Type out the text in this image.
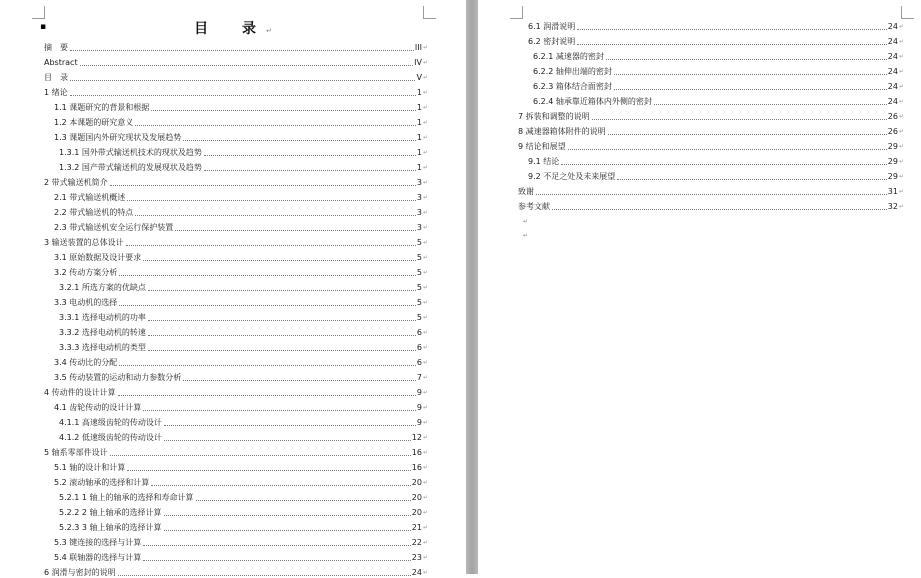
▪	目　录↵
摘　要	III ↵
Abstract	IV ↵
目　录	V ↵
1 绪论	1 ↵
1.1 课题研究的背景和根据	1 ↵
1.2 本课题的研究意义	1 ↵
1.3 课题国内外研究现状及发展趋势	1 ↵
1.3.1 国外带式输送机技术的现状及趋势	1 ↵
1.3.2 国产带式输送机的发展现状及趋势	1 ↵
2 带式输送机简介	3 ↵
2.1 带式输送机概述	3 ↵
2.2 带式输送机的特点	3 ↵
2.3 带式输送机安全运行保护装置	3 ↵
3 输送装置的总体设计	5 ↵
3.1 原始数据及设计要求	5 ↵
3.2 传动方案分析	5 ↵
3.2.1 所选方案的优缺点	5 ↵
3.3 电动机的选择	5 ↵
3.3.1 选择电动机的功率	5 ↵
3.3.2 选择电动机的转速	6 ↵
3.3.3 选择电动机的类型	6 ↵
3.4 传动比的分配	6 ↵
3.5 传动装置的运动和动力参数分析	7 ↵
4 传动件的设计计算	9 ↵
4.1 齿轮传动的设计计算	9 ↵
4.1.1 高速级齿轮的传动设计	9 ↵
4.1.2 低速级齿轮的传动设计	12 ↵
5 轴系零部件设计	16 ↵
5.1 轴的设计和计算	16 ↵
5.2 滚动轴承的选择和计算	20 ↵
5.2.1 1 轴上的轴承的选择和寿命计算	20 ↵
5.2.2 2 轴上轴承的选择计算	20 ↵
5.2.3 3 轴上轴承的选择计算	21 ↵
5.3 键连接的选择与计算	22 ↵
5.4 联轴器的选择与计算	23 ↵
6 润滑与密封的说明	24 ↵
6.1 润滑说明	24 ↵
6.2 密封说明	24 ↵
6.2.1 减速器的密封	24 ↵
6.2.2 轴伸出端的密封	24 ↵
6.2.3 箱体结合面密封	24 ↵
6.2.4 轴承靠近箱体内外侧的密封	24 ↵
7 拆装和调整的说明	26 ↵
8 减速器箱体附件的说明	26 ↵
9 结论和展望	29 ↵
9.1 结论	29 ↵
9.2 不足之处及未来展望	29 ↵
致谢	31 ↵
参考文献	32 ↵
↵
↵
